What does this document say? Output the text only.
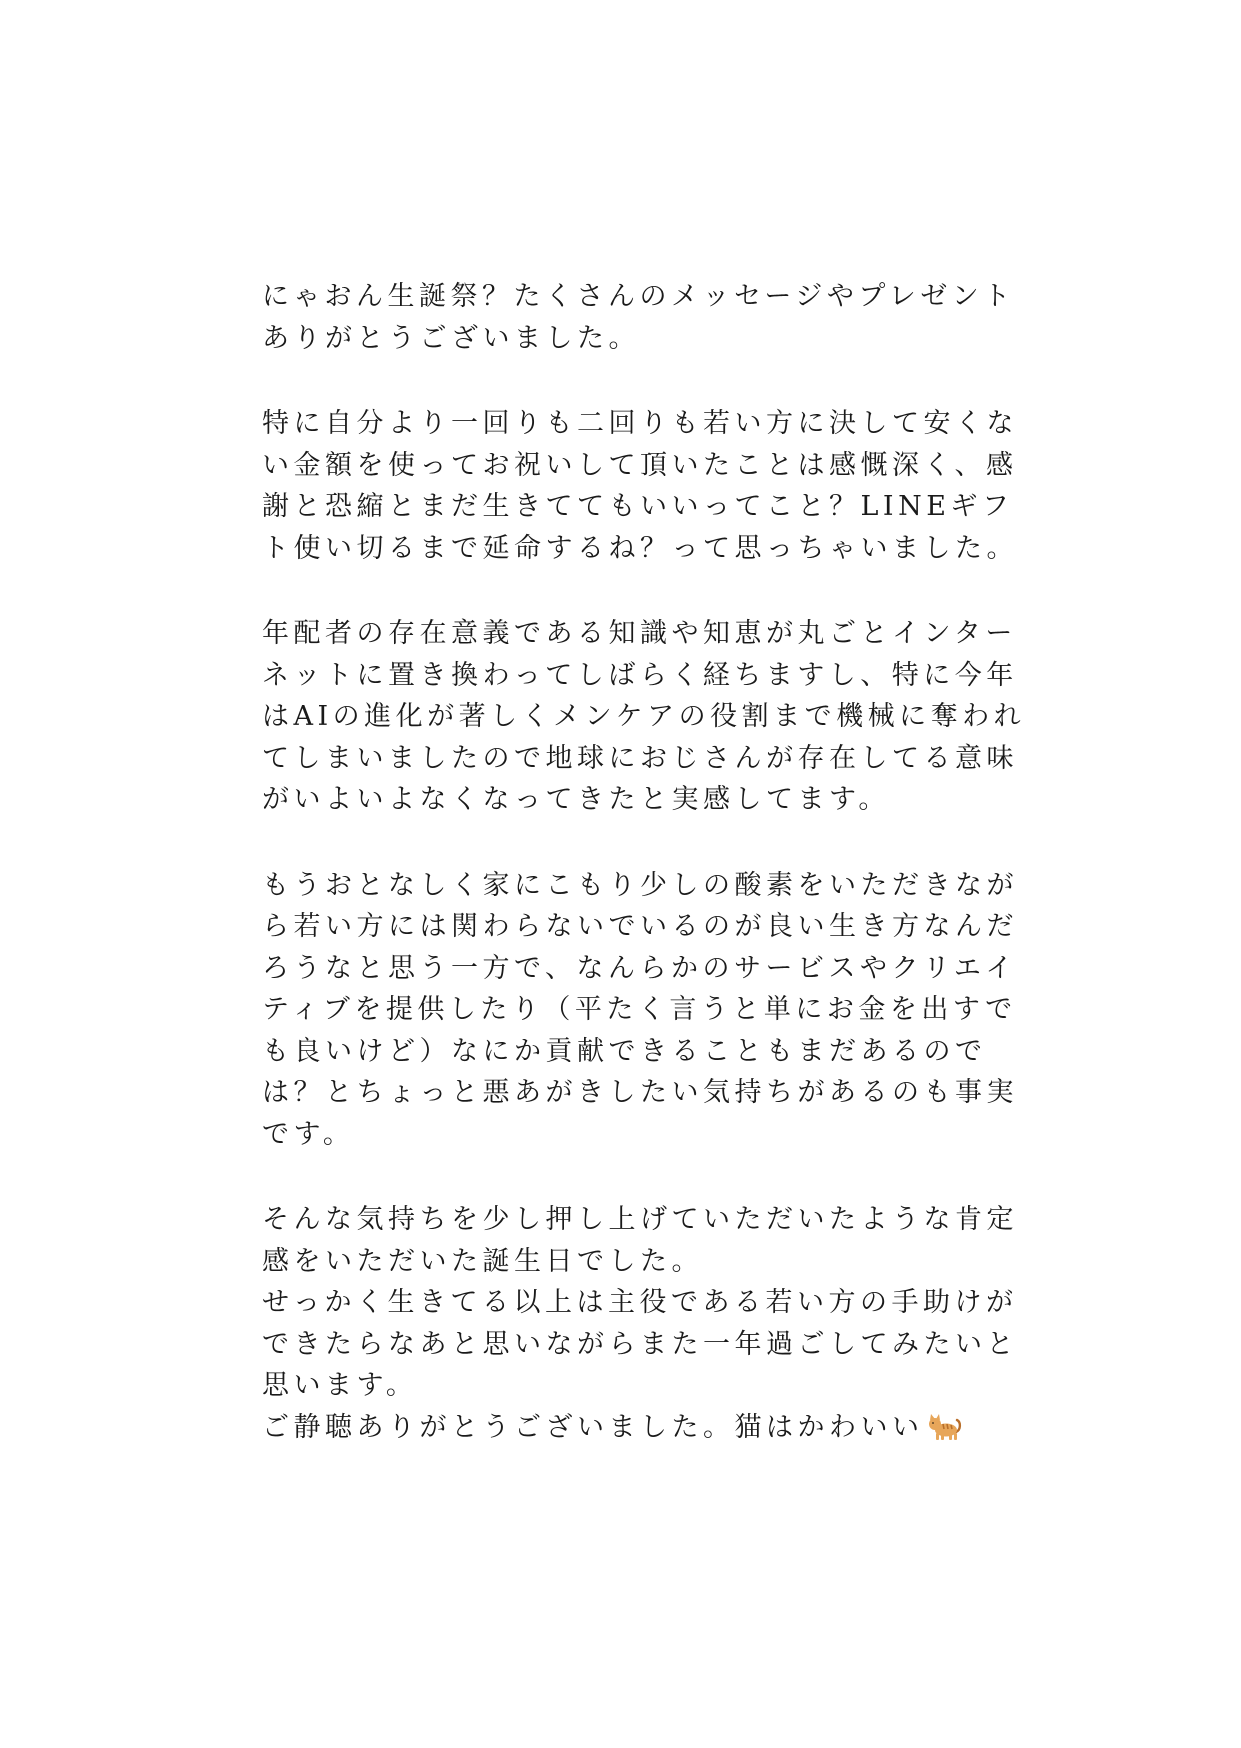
にゃおん生誕祭？たくさんのメッセージやプレゼント
ありがとうございました。
特に自分より一回りも二回りも若い方に決して安くな
い金額を使ってお祝いして頂いたことは感慨深く、感
謝と恐縮とまだ生きててもいいってこと？LINEギフ
ト使い切るまで延命するね？って思っちゃいました。
年配者の存在意義である知識や知恵が丸ごとインター
ネットに置き換わってしばらく経ちますし、特に今年
はAIの進化が著しくメンケアの役割まで機械に奪われ
てしまいましたので地球におじさんが存在してる意味
がいよいよなくなってきたと実感してます。
もうおとなしく家にこもり少しの酸素をいただきなが
ら若い方には関わらないでいるのが良い生き方なんだ
ろうなと思う一方で、なんらかのサービスやクリエイ
ティブを提供したり（平たく言うと単にお金を出すで
も良いけど）なにか貢献できることもまだあるので
は？とちょっと悪あがきしたい気持ちがあるのも事実
です。
そんな気持ちを少し押し上げていただいたような肯定
感をいただいた誕生日でした。
せっかく生きてる以上は主役である若い方の手助けが
できたらなあと思いながらまた一年過ごしてみたいと
思います。
ご静聴ありがとうございました。猫はかわいい
